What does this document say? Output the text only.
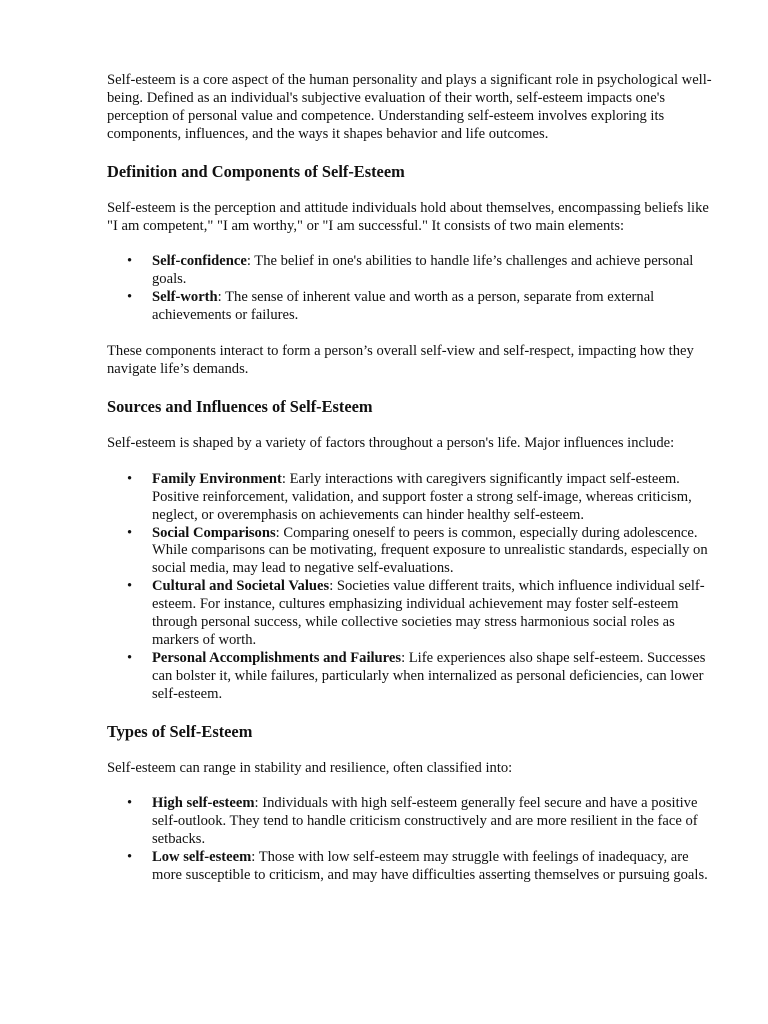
Self-esteem is a core aspect of the human personality and plays a significant role in psychological well-being. Defined as an individual's subjective evaluation of their worth, self-esteem impacts one's perception of personal value and competence. Understanding self-esteem involves exploring its components, influences, and the ways it shapes behavior and life outcomes.

Definition and Components of Self-Esteem

Self-esteem is the perception and attitude individuals hold about themselves, encompassing beliefs like "I am competent," "I am worthy," or "I am successful." It consists of two main elements:

• Self-confidence: The belief in one's abilities to handle life’s challenges and achieve personal goals.
• Self-worth: The sense of inherent value and worth as a person, separate from external achievements or failures.

These components interact to form a person’s overall self-view and self-respect, impacting how they navigate life’s demands.

Sources and Influences of Self-Esteem

Self-esteem is shaped by a variety of factors throughout a person's life. Major influences include:

• Family Environment: Early interactions with caregivers significantly impact self-esteem. Positive reinforcement, validation, and support foster a strong self-image, whereas criticism, neglect, or overemphasis on achievements can hinder healthy self-esteem.
• Social Comparisons: Comparing oneself to peers is common, especially during adolescence. While comparisons can be motivating, frequent exposure to unrealistic standards, especially on social media, may lead to negative self-evaluations.
• Cultural and Societal Values: Societies value different traits, which influence individual self-esteem. For instance, cultures emphasizing individual achievement may foster self-esteem through personal success, while collective societies may stress harmonious social roles as markers of worth.
• Personal Accomplishments and Failures: Life experiences also shape self-esteem. Successes can bolster it, while failures, particularly when internalized as personal deficiencies, can lower self-esteem.
Types of Self-Esteem

Self-esteem can range in stability and resilience, often classified into:

• High self-esteem: Individuals with high self-esteem generally feel secure and have a positive self-outlook. They tend to handle criticism constructively and are more resilient in the face of setbacks.
• Low self-esteem: Those with low self-esteem may struggle with feelings of inadequacy, are more susceptible to criticism, and may have difficulties asserting themselves or pursuing goals.
